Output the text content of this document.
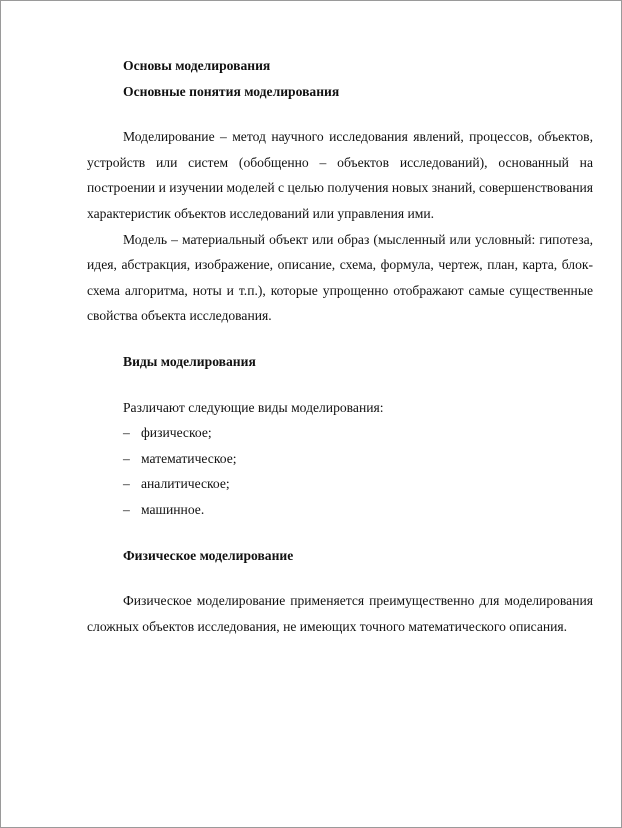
Основы моделирования

Основные понятия моделирования

Моделирование – метод научного исследования явлений, процессов, объектов, устройств или систем (обобщенно – объектов исследований), основанный на построении и изучении моделей с целью получения новых знаний, совершенствования характеристик объектов исследований или управления ими.

Модель – материальный объект или образ (мысленный или условный: гипотеза, идея, абстракция, изображение, описание, схема, формула, чертеж, план, карта, блок-схема алгоритма, ноты и т.п.), которые упрощенно отображают самые существенные свойства объекта исследования.

Виды моделирования

Различают следующие виды моделирования:

– физическое;
– математическое;
– аналитическое;
– машинное.

Физическое моделирование

Физическое моделирование применяется преимущественно для моделирования сложных объектов исследования, не имеющих точного математического описания.
